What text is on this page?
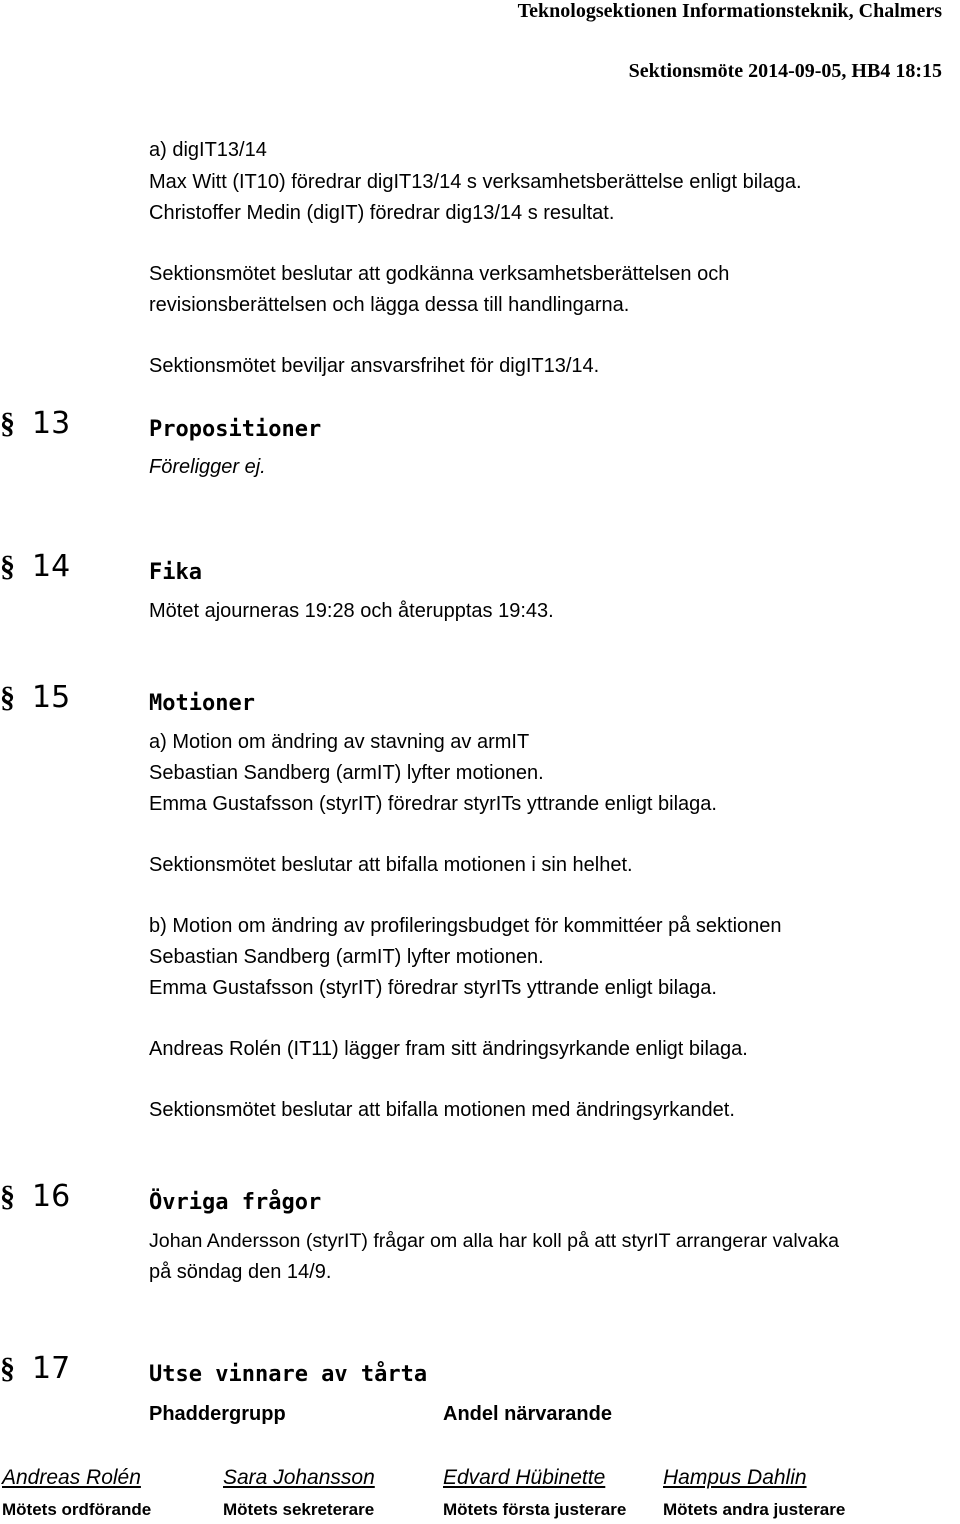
Teknologsektionen Informationsteknik, Chalmers
Sektionsmöte 2014-09-05, HB4 18:15
a) digIT13/14
Max Witt (IT10) föredrar digIT13/14 s verksamhetsberättelse enligt bilaga.
Christoffer Medin (digIT) föredrar dig13/14 s resultat.
Sektionsmötet beslutar att godkänna verksamhetsberättelsen och
revisionsberättelsen och lägga dessa till handlingarna.
Sektionsmötet beviljar ansvarsfrihet för digIT13/14.
§ 13	Propositioner
Föreligger ej.
§ 14	Fika
Mötet ajourneras 19:28 och återupptas 19:43.
§ 15	Motioner
a) Motion om ändring av stavning av armIT
Sebastian Sandberg (armIT) lyfter motionen.
Emma Gustafsson (styrIT) föredrar styrITs yttrande enligt bilaga.
Sektionsmötet beslutar att bifalla motionen i sin helhet.
b) Motion om ändring av profileringsbudget för kommittéer på sektionen
Sebastian Sandberg (armIT) lyfter motionen.
Emma Gustafsson (styrIT) föredrar styrITs yttrande enligt bilaga.
Andreas Rolén (IT11) lägger fram sitt ändringsyrkande enligt bilaga.
Sektionsmötet beslutar att bifalla motionen med ändringsyrkandet.
§ 16	Övriga frågor
Johan Andersson (styrIT) frågar om alla har koll på att styrIT arrangerar valvaka
på söndag den 14/9.
§ 17	Utse vinnare av tårta
Phaddergrupp	Andel närvarande
Andreas Rolén	Sara Johansson	Edvard Hübinette	Hampus Dahlin
Mötets ordförande	Mötets sekreterare	Mötets första justerare Mötets andra justerare
